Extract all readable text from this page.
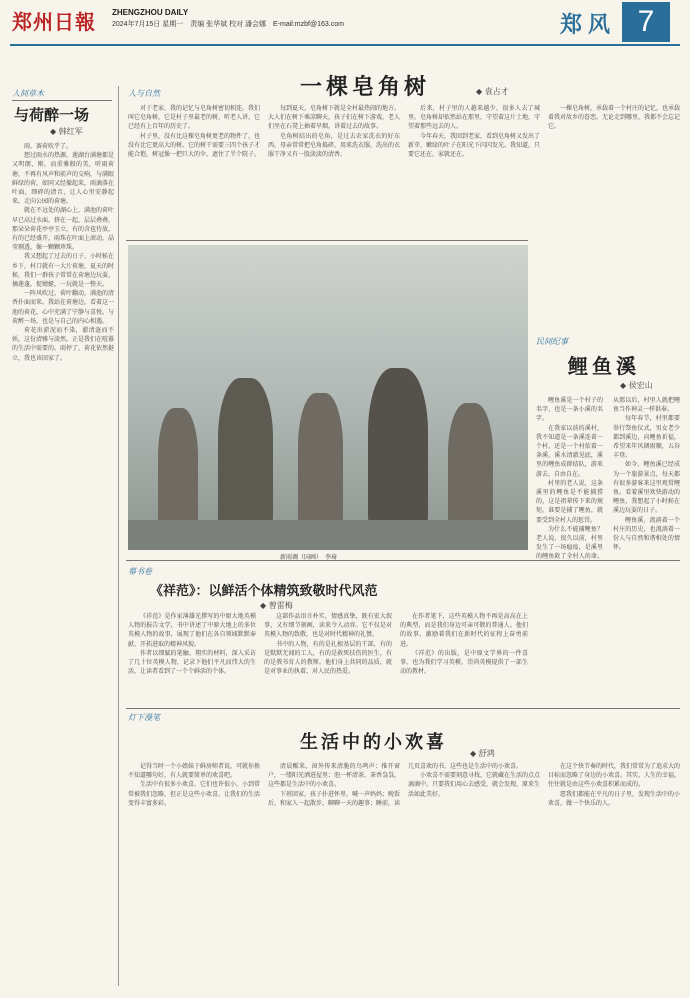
郑州日報 ZHENGZHOU DAILY
2024年7月15日 星期一　责编 张华斌 校对 潘会娜　E-mail:mzbf@163.com	郑风 7
人间草木
与荷醉一场
◆ 韩红军

雨，赛荷吹乎了。

想过雨水的热源，莲湖台满塘都是又明朗，刚，而重雅般的美，听雨荷塘，不再有风声和前声的交响，与满眼鲜绿的荷，如同又经撤起来，雨滴落在叶面，细碎的清音，让人心里安静起来，走向公园的荷塘。

就在不远处的湖心上，满池的荷叶早已高过水面，挤在一起，层层叠叠，那朵朵荷花亭亭玉立，有的含苞待放，有的已经盛开，雨珠在叶面上滚动，晶莹剔透，像一颗颗珍珠。

我又想起了过去的日子，小时候在乡下，村口就有一大片荷塘，夏天的时候，我们一群孩子常常在荷塘边玩耍，摘莲蓬，捉蜻蜓，一玩就是一整天。

一阵风吹过，荷叶翻动，满池的清香扑面而来。我站在荷塘边，看着这一池的荷花，心中充满了宁静与喜悦。与荷醉一场，也是与自己的内心相遇。

荷花出淤泥而不染，濯清涟而不妖，这份清雅与淡然，正是我们在喧嚣的生活中需要的。雨停了，荷花依然挺立，我也该回家了。

人与自然	一棵皂角树	◆ 袁占才

对于老家，我的记忆与皂角树密切相连。我们叫它皂角树，它是村子里最老的树，听老人讲，它已经有上百年的历史了。

村子里，没有比这棵皂角树更老的物件了，也没有比它更高大的树。它的树干需要三四个孩子才能合抱，树冠像一把巨大的伞，遮住了半个院子。

每到夏天，皂角树下就是全村最热闹的地方。大人们在树下乘凉聊天，孩子们在树下游戏，老人们坐在石凳上抽着旱烟，讲着过去的故事。

皂角树结出的皂角，是过去农家洗衣的好东西。母亲常常把皂角捣碎，用来洗衣服，洗出的衣服干净又有一股淡淡的清香。

后来，村子里的人越来越少，很多人去了城里。皂角树却依然站在那里，守望着这片土地，守望着那些远去的人。

今年春天，我回到老家，看到皂角树又发出了新芽，嫩绿的叶子在阳光下闪闪发光。我知道，只要它还在，家就还在。

一棵皂角树，承载着一个村庄的记忆，也承载着我对故乡的眷恋。无论走到哪里，我都不会忘记它。

新雨调（国画）　李琦
民间纪事
鲤鱼溪
◆ 侯宏山

鲤鱼溪是一个村子的名字，也是一条小溪的名字。

在我家以前的溪村，我不知道是一条溪连着一个村，还是一个村依着一条溪。溪水清澈见底，溪里的鲤鱼成群结队，游来游去，自由自在。

村里的老人说，这条溪里的鲤鱼是不能捕捞的，这是祖辈传下来的规矩。谁要是捕了鲤鱼，就要受到全村人的惩罚。

为什么不能捕鲤鱼？老人说，很久以前，村里发生了一场瘟疫，是溪里的鲤鱼救了全村人的命。从那以后，村里人就把鲤鱼当作神灵一样供奉。

每年春节，村里都要举行祭鱼仪式，男女老少都到溪边，向鲤鱼祈福，希望来年风调雨顺，五谷丰登。

如今，鲤鱼溪已经成为一个旅游景点，每天都有很多游客来这里观赏鲤鱼。看着溪里欢快游动的鲤鱼，我想起了小时候在溪边玩耍的日子。

鲤鱼溪，流淌着一个村庄的历史，也流淌着一份人与自然和谐相处的情怀。

幕书卷
《祥范》：以鲜活个体精筑致敬时代风范
◆ 曾雷梅

《祥范》是作家薄雄光撰写的中原大地英模人物的报告文学，书中讲述了中原大地上的多位英模人物的故事，展现了他们在各自领域默默奉献、开拓进取的精神风貌。

作者以细腻的笔触、翔实的材料，深入采访了几十位英模人物，记录下他们平凡而伟大的生活，让读者看到了一个个鲜活的个体。

这部作品语言朴实，情感真挚，既有宏大叙事，又有细节刻画，读来令人动容。它不仅是对英模人物的致敬，也是对时代精神的礼赞。

书中的人物，有的是扎根基层的干部，有的是默默无闻的工人，有的是救死扶伤的医生，有的是教书育人的教师。他们身上共同的品质，就是对事业的执着，对人民的热爱。

在作者笔下，这些英模人物不再是高高在上的典型，而是我们身边可亲可敬的普通人。他们的故事，激励着我们在新时代的征程上奋勇前进。

《祥范》的出版，是中原文学界的一件喜事，也为我们学习英模、崇尚英模提供了一部生动的教材。

灯下漫笔
生活中的小欢喜
◆ 舒鸿

记得当时一个小姐妹于鲜房师者说，可就你换不知道哪句好，有人就要简单的欢喜吧。

生活中有很多小欢喜，它们也许很小，小到常常被我们忽略，但正是这些小欢喜，让我们的生活变得丰富多彩。

清晨醒来，窗外传来清脆的鸟鸣声；推开窗户，一缕阳光洒进屋里；泡一杯清茶，茶香袅袅，这些都是生活中的小欢喜。

下班回家，孩子扑进怀里，喊一声妈妈；晚饭后，和家人一起散步，聊聊一天的趣事；睡前，读几页喜欢的书，这些也是生活中的小欢喜。

小欢喜不需要刻意寻找，它就藏在生活的点点滴滴中。只要我们用心去感受，就会发现，原来生活如此美好。

在这个快节奏的时代，我们常常为了追求大的目标而忽略了身边的小欢喜。其实，人生的幸福，往往就是由这些小欢喜积累而成的。

愿我们都能在平凡的日子里，发现生活中的小欢喜，做一个快乐的人。
